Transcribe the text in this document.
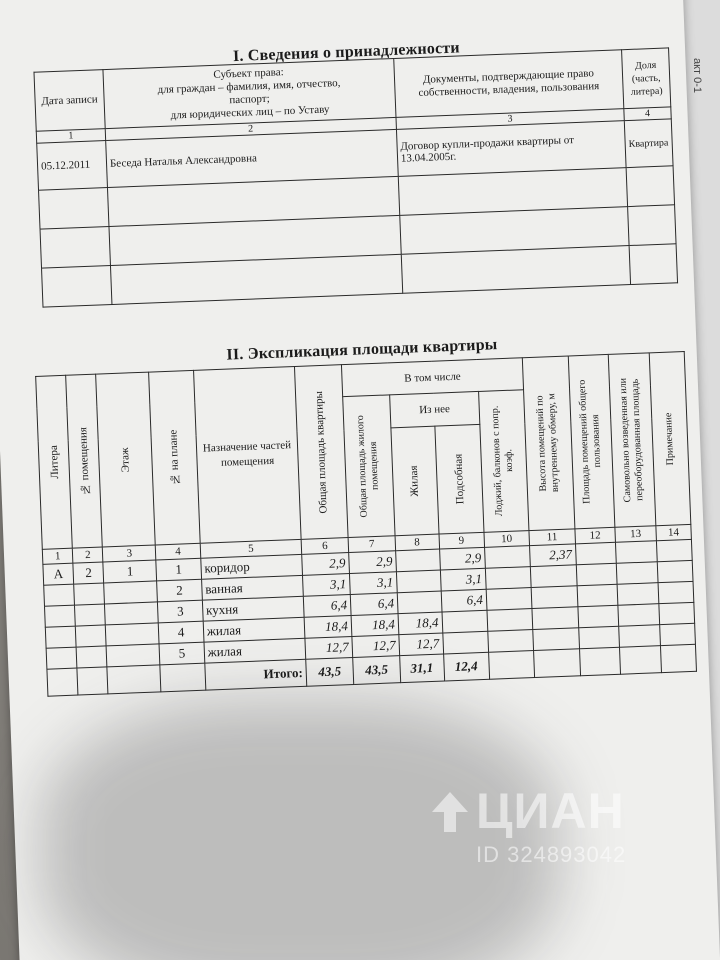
акт 0-1
I. Сведения о принадлежности
Дата записи	Субъект права:
для граждан – фамилия, имя, отчество,
паспорт;
для юридических лиц – по Уставу	Документы, подтверждающие право собственности, владения, пользования	Доля (часть, литера)
1	2	3	4
05.12.2011	Беседа Наталья Александровна	Договор купли-продажи квартиры от 13.04.2005г.	Квартира

II. Экспликация площади квартиры
Литера	№ помещения	Этаж	№ на плане	Назначение частей помещения	Общая площадь квартиры	В том числе				Высота помещений по внутреннему обмеру, м	Площадь помещений общего пользования	Самовольно возведенная или переоборудованная площадь	Примечание

						Общая площадь жилого помещения	Из нее		Лоджий, балконов с попр. коэф.				

							Жилая	Подсобная					

1	2	3	4	5	6	7	8	9	10	11	12	13	14
А	2	1	1	коридор	2,9	2,9		2,9		2,37			
			2	ванная	3,1	3,1		3,1					
			3	кухня	6,4	6,4		6,4					
			4	жилая	18,4	18,4	18,4						
			5	жилая	12,7	12,7	12,7						
				Итого:	43,5	43,5	31,1	12,4					
ЦИАН
ID 324893042
